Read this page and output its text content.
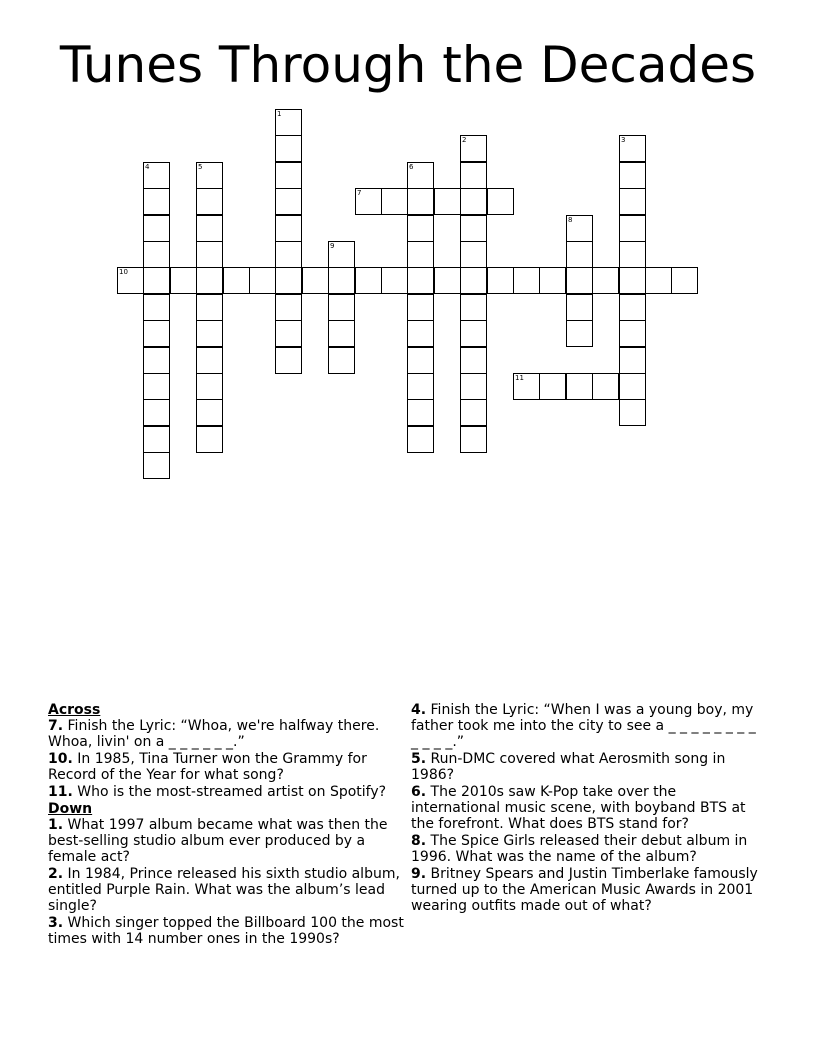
Tunes Through the Decades
1
2	3
4	5	6
7
8
9
10
11
Across
7. Finish the Lyric: “Whoa, we're halfway there. Whoa, livin' on a _ _ _ _ _ _.”
10. In 1985, Tina Turner won the Grammy for Record of the Year for what song?
11. Who is the most-streamed artist on Spotify?
Down
1. What 1997 album became what was then the best-selling studio album ever produced by a female act?
2. In 1984, Prince released his sixth studio album, entitled Purple Rain. What was the album’s lead single?
3. Which singer topped the Billboard 100 the most times with 14 number ones in the 1990s?
4. Finish the Lyric: “When I was a young boy, my father took me into the city to see a _ _ _ _ _ _ _ _ _ _ _ _.”
5. Run-DMC covered what Aerosmith song in 1986?
6. The 2010s saw K-Pop take over the international music scene, with boyband BTS at the forefront. What does BTS stand for?
8. The Spice Girls released their debut album in 1996. What was the name of the album?
9. Britney Spears and Justin Timberlake famously turned up to the American Music Awards in 2001 wearing outfits made out of what?
